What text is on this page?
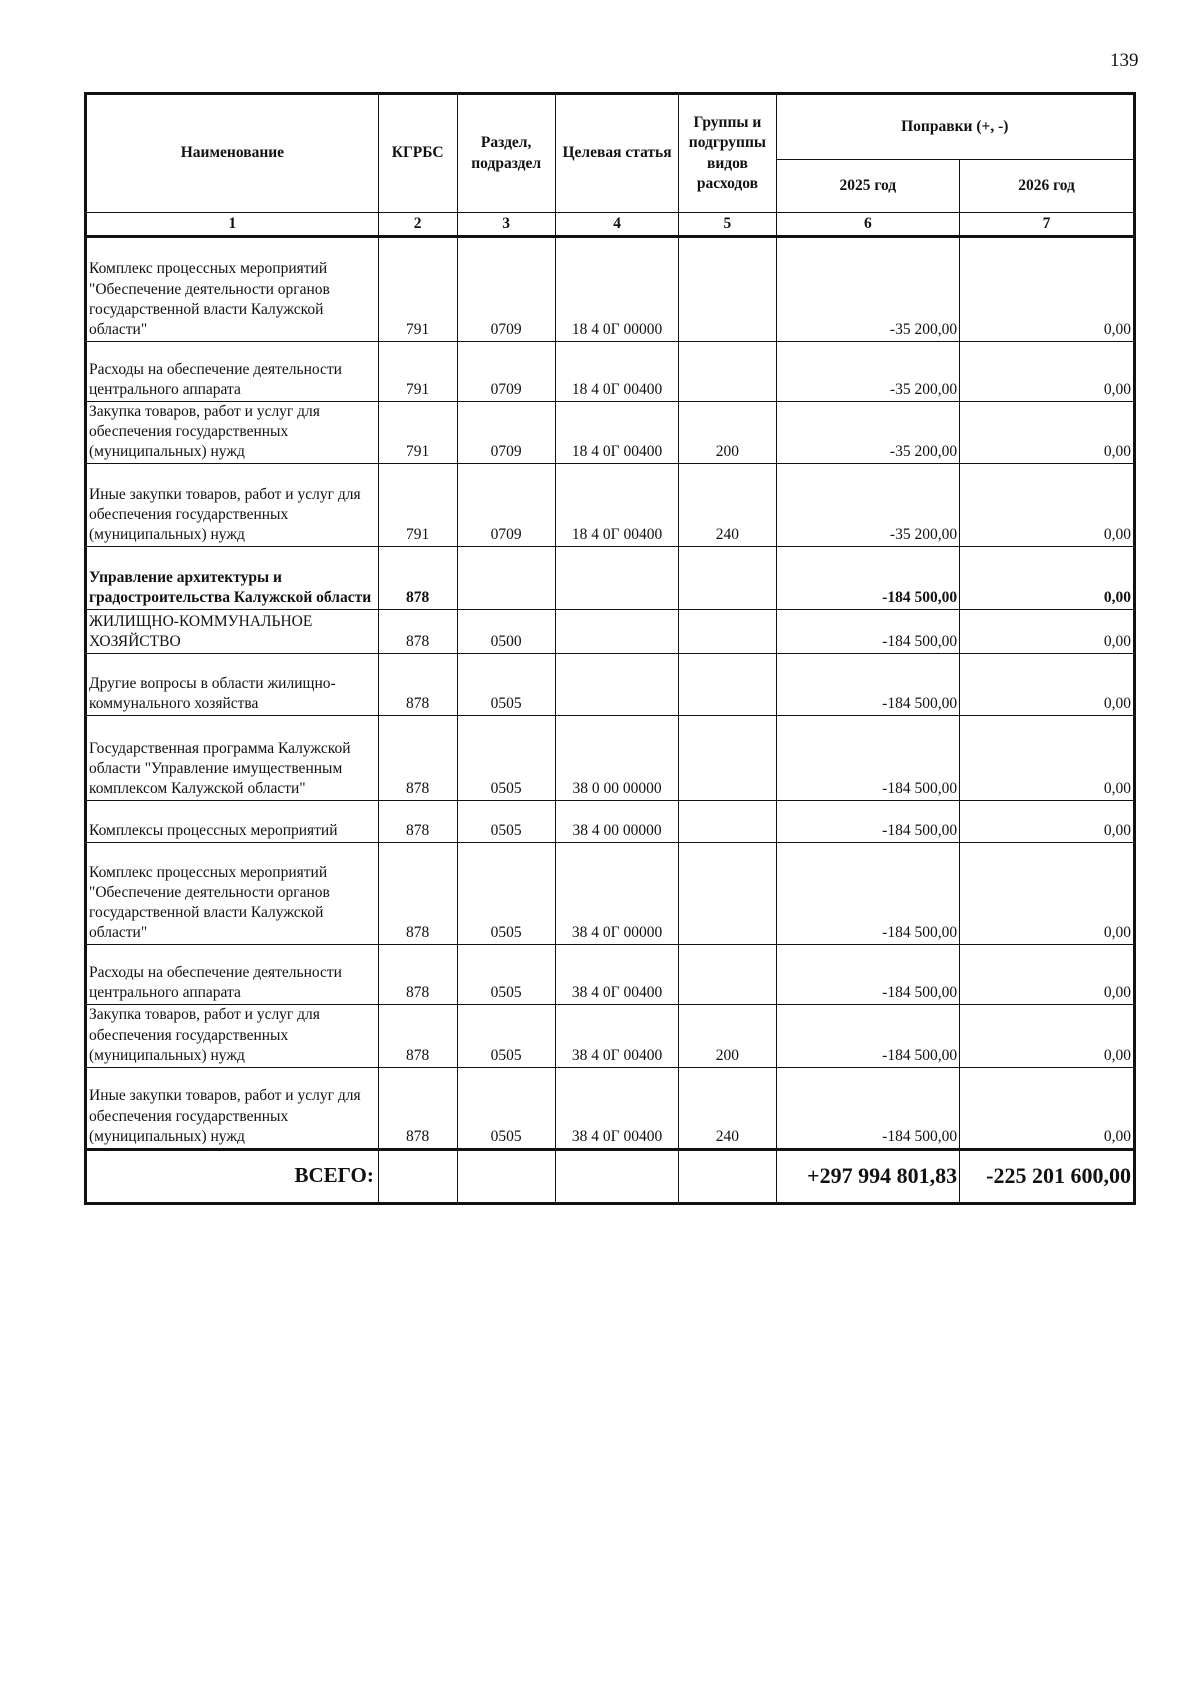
139
Наименование	КГРБС	Раздел, подраздел	Целевая статья	Группы и подгруппы видов расходов	Поправки (+, -)	
					2025 год	2026 год
1	2	3	4	5	6	7
Комплекс процессных мероприятий "Обеспечение деятельности органов государственной власти Калужской области"	791	0709	18 4 0Г 00000		-35 200,00	0,00
Расходы на обеспечение деятельности центрального аппарата	791	0709	18 4 0Г 00400		-35 200,00	0,00
Закупка товаров, работ и услуг для обеспечения государственных (муниципальных) нужд	791	0709	18 4 0Г 00400	200	-35 200,00	0,00
Иные закупки товаров, работ и услуг для обеспечения государственных (муниципальных) нужд	791	0709	18 4 0Г 00400	240	-35 200,00	0,00
Управление архитектуры и градостроительства Калужской области	878				-184 500,00	0,00
ЖИЛИЩНО-КОММУНАЛЬНОЕ ХОЗЯЙСТВО	878	0500			-184 500,00	0,00
Другие вопросы в области жилищно-коммунального хозяйства	878	0505			-184 500,00	0,00
Государственная программа Калужской области "Управление имущественным комплексом Калужской области"	878	0505	38 0 00 00000		-184 500,00	0,00
Комплексы процессных мероприятий	878	0505	38 4 00 00000		-184 500,00	0,00
Комплекс процессных мероприятий "Обеспечение деятельности органов государственной власти Калужской области"	878	0505	38 4 0Г 00000		-184 500,00	0,00
Расходы на обеспечение деятельности центрального аппарата	878	0505	38 4 0Г 00400		-184 500,00	0,00
Закупка товаров, работ и услуг для обеспечения государственных (муниципальных) нужд	878	0505	38 4 0Г 00400	200	-184 500,00	0,00
Иные закупки товаров, работ и услуг для обеспечения государственных (муниципальных) нужд	878	0505	38 4 0Г 00400	240	-184 500,00	0,00
ВСЕГО:					+297 994 801,83	-225 201 600,00
